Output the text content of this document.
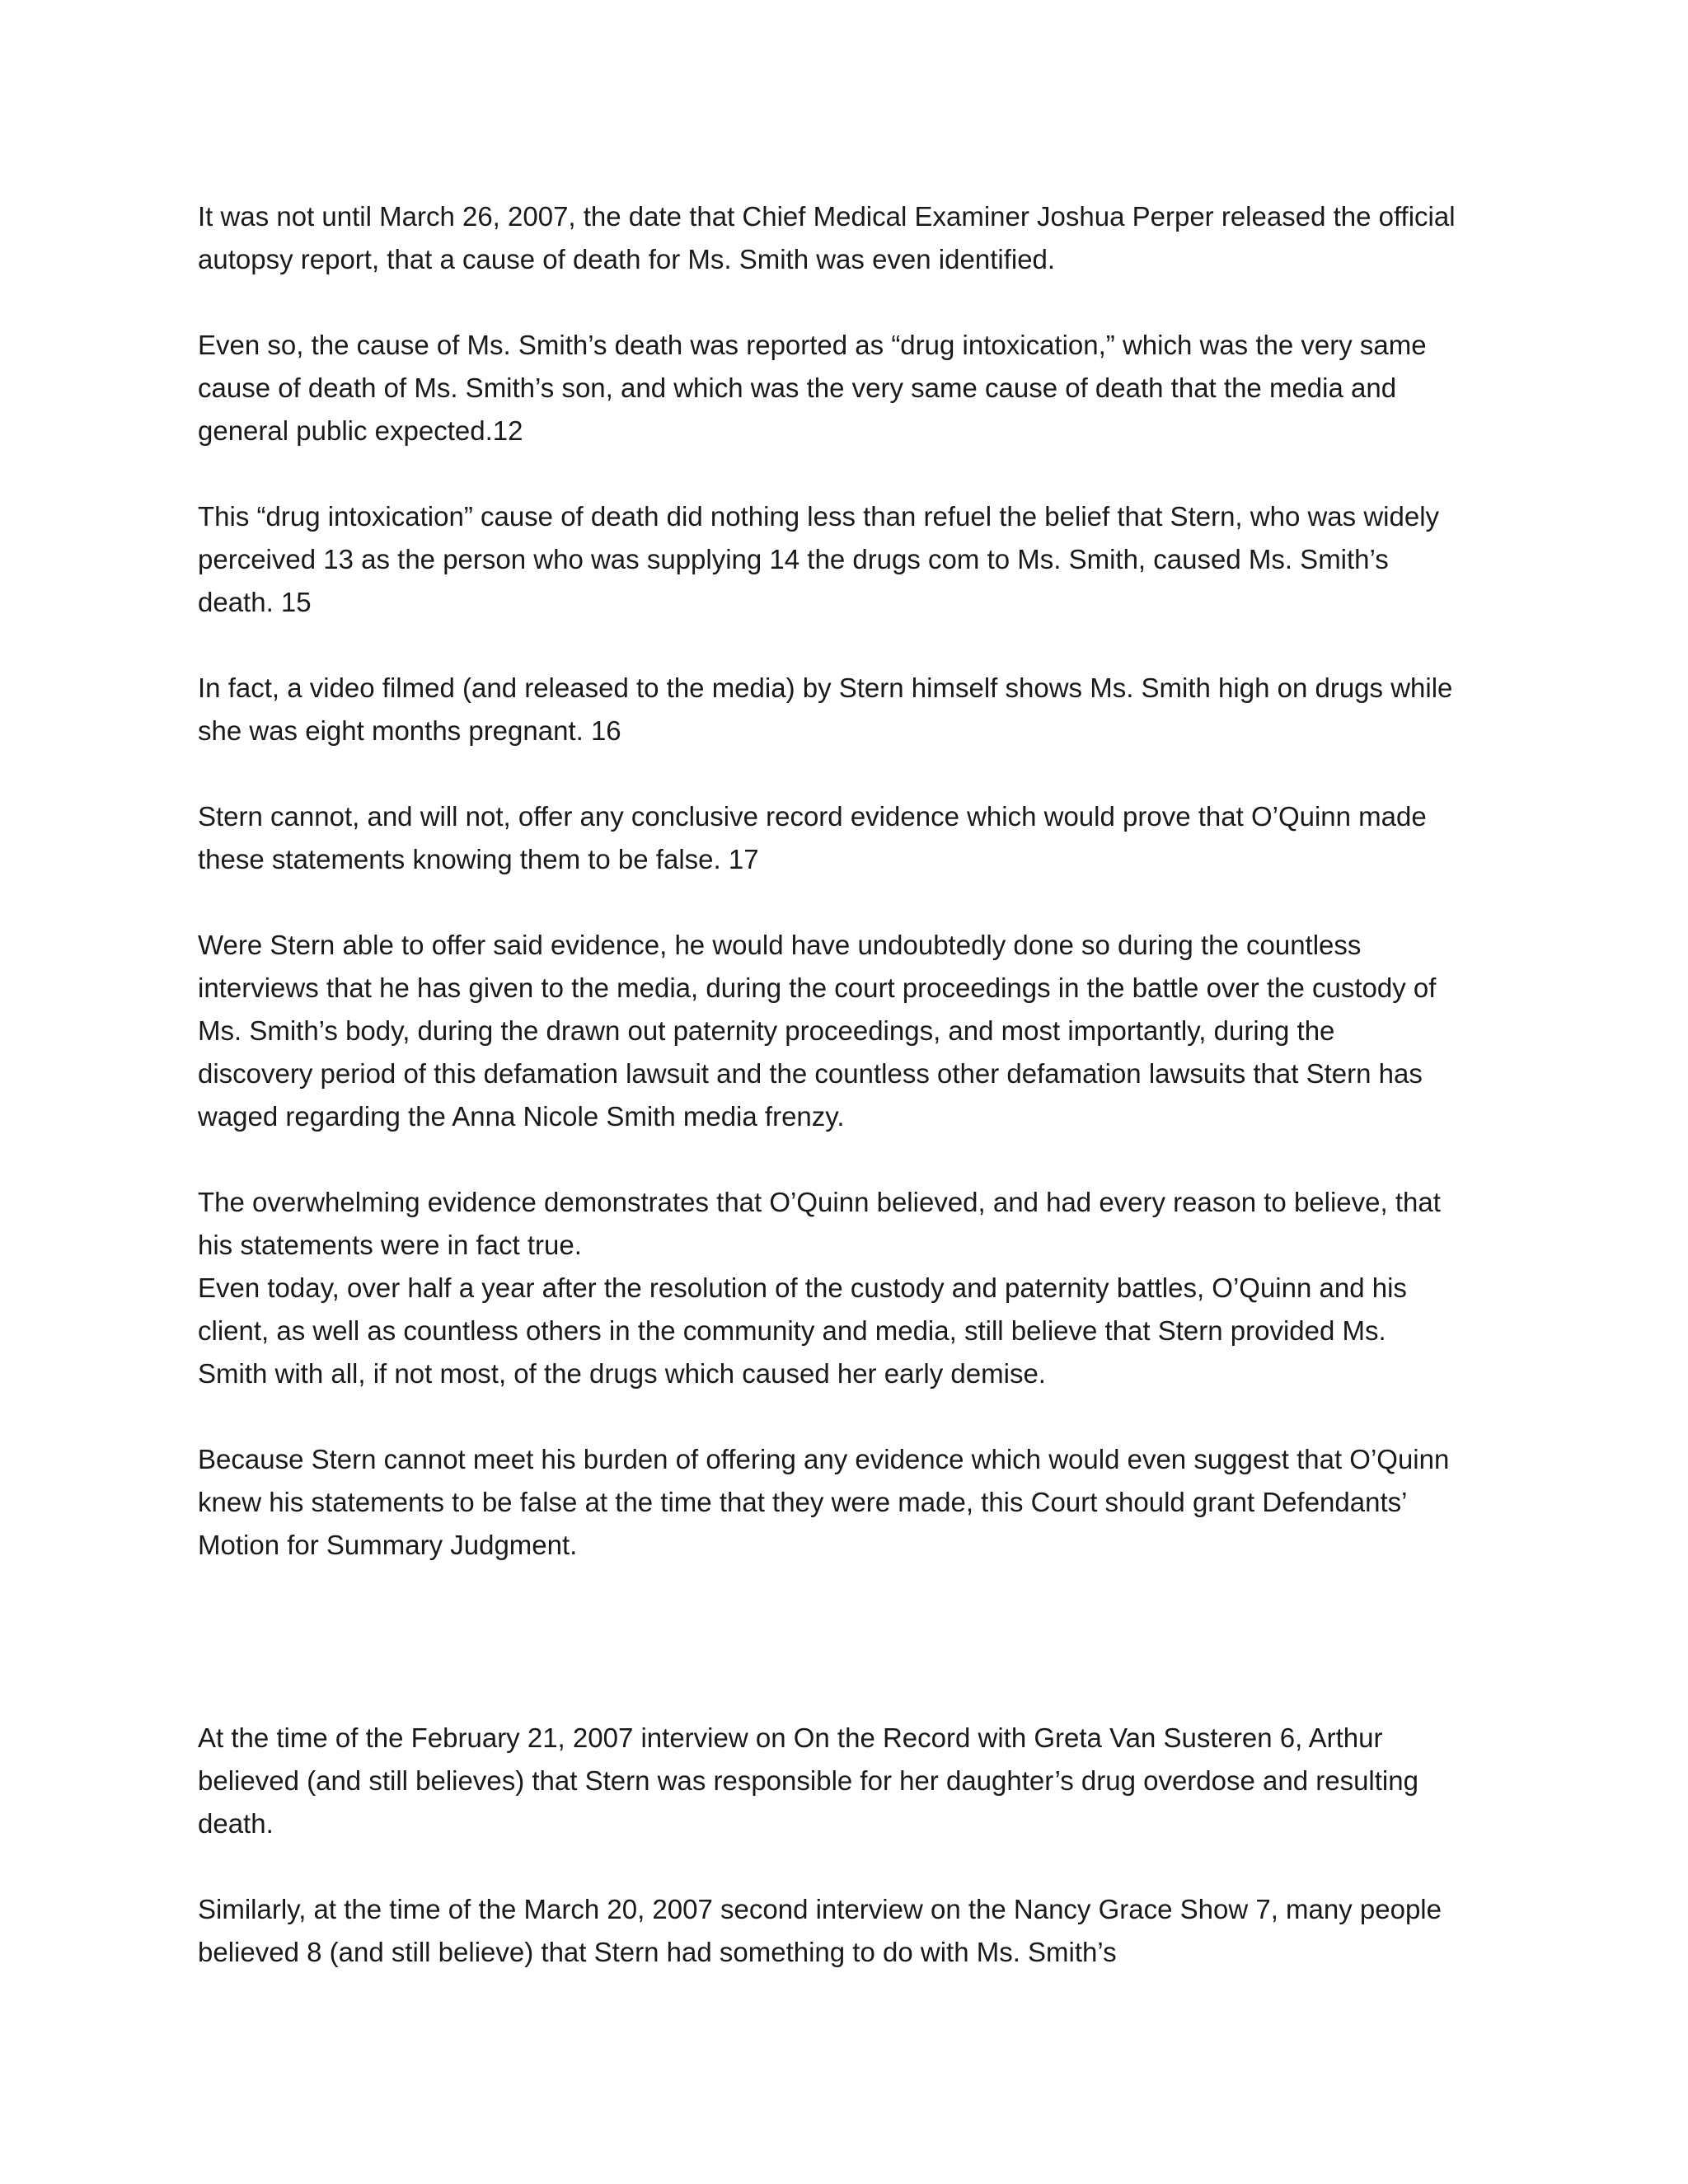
It was not until March 26, 2007, the date that Chief Medical Examiner Joshua Perper released the official
autopsy report, that a cause of death for Ms. Smith was even identified.

Even so, the cause of Ms. Smith’s death was reported as “drug intoxication,” which was the very same
cause of death of Ms. Smith’s son, and which was the very same cause of death that the media and
general public expected.12

This “drug intoxication” cause of death did nothing less than refuel the belief that Stern, who was widely
perceived 13 as the person who was supplying 14 the drugs com to Ms. Smith, caused Ms. Smith’s
death. 15

In fact, a video filmed (and released to the media) by Stern himself shows Ms. Smith high on drugs while
she was eight months pregnant. 16

Stern cannot, and will not, offer any conclusive record evidence which would prove that O’Quinn made
these statements knowing them to be false. 17

Were Stern able to offer said evidence, he would have undoubtedly done so during the countless
interviews that he has given to the media, during the court proceedings in the battle over the custody of
Ms. Smith’s body, during the drawn out paternity proceedings, and most importantly, during the
discovery period of this defamation lawsuit and the countless other defamation lawsuits that Stern has
waged regarding the Anna Nicole Smith media frenzy.

The overwhelming evidence demonstrates that O’Quinn believed, and had every reason to believe, that
his statements were in fact true.

Even today, over half a year after the resolution of the custody and paternity battles, O’Quinn and his
client, as well as countless others in the community and media, still believe that Stern provided Ms.
Smith with all, if not most, of the drugs which caused her early demise.

Because Stern cannot meet his burden of offering any evidence which would even suggest that O’Quinn
knew his statements to be false at the time that they were made, this Court should grant Defendants’
Motion for Summary Judgment.

At the time of the February 21, 2007 interview on On the Record with Greta Van Susteren 6, Arthur
believed (and still believes) that Stern was responsible for her daughter’s drug overdose and resulting
death.

Similarly, at the time of the March 20, 2007 second interview on the Nancy Grace Show 7, many people
believed 8 (and still believe) that Stern had something to do with Ms. Smith’s
